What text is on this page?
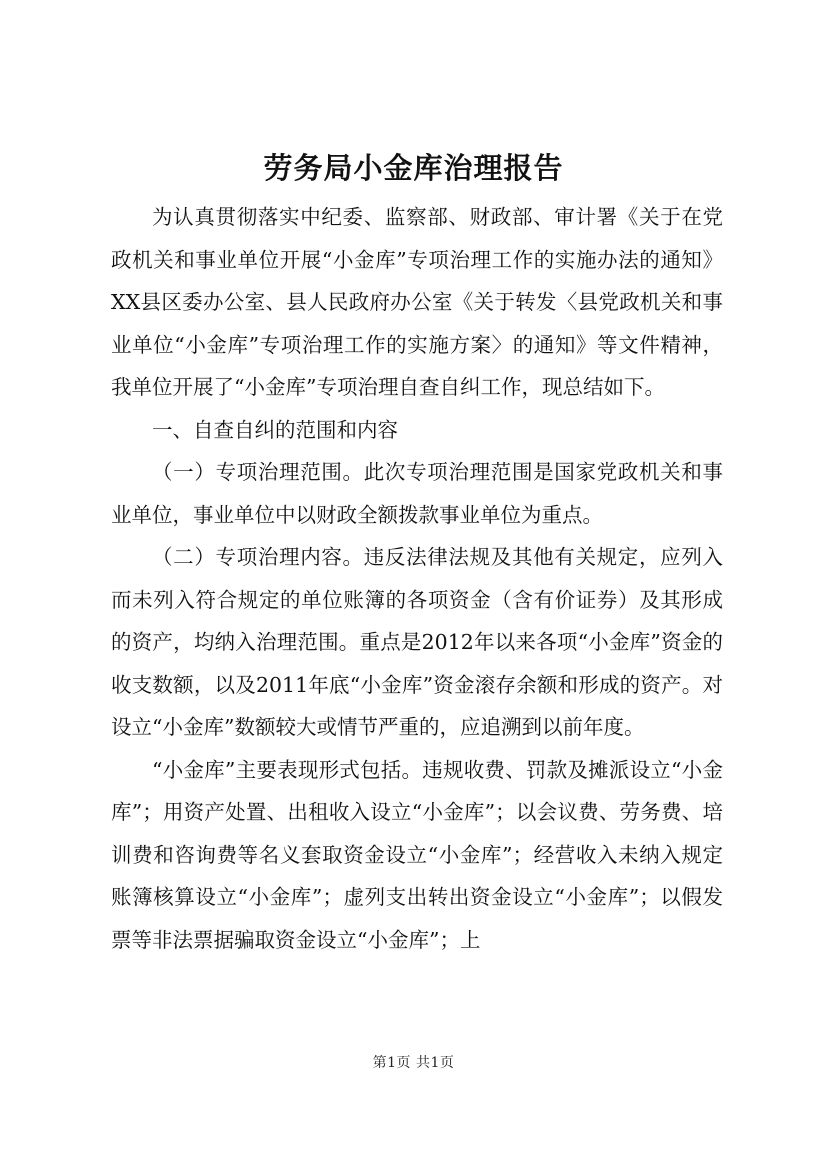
劳务局小金库治理报告

为认真贯彻落实中纪委、监察部、财政部、审计署《关于在党政机关和事业单位开展“小金库”专项治理工作的实施办法的通知》XX县区委办公室、县人民政府办公室《关于转发〈县党政机关和事业单位“小金库”专项治理工作的实施方案〉的通知》等文件精神，我单位开展了“小金库”专项治理自查自纠工作，现总结如下。

一、自查自纠的范围和内容

（一）专项治理范围。此次专项治理范围是国家党政机关和事业单位，事业单位中以财政全额拨款事业单位为重点。

（二）专项治理内容。违反法律法规及其他有关规定，应列入而未列入符合规定的单位账簿的各项资金（含有价证券）及其形成的资产，均纳入治理范围。重点是2012年以来各项“小金库”资金的收支数额，以及2011年底“小金库”资金滚存余额和形成的资产。对设立“小金库”数额较大或情节严重的，应追溯到以前年度。

“小金库”主要表现形式包括。违规收费、罚款及摊派设立“小金库”；用资产处置、出租收入设立“小金库”；以会议费、劳务费、培训费和咨询费等名义套取资金设立“小金库”；经营收入未纳入规定账簿核算设立“小金库”；虚列支出转出资金设立“小金库”；以假发票等非法票据骗取资金设立“小金库”；上

第1页 共1页
